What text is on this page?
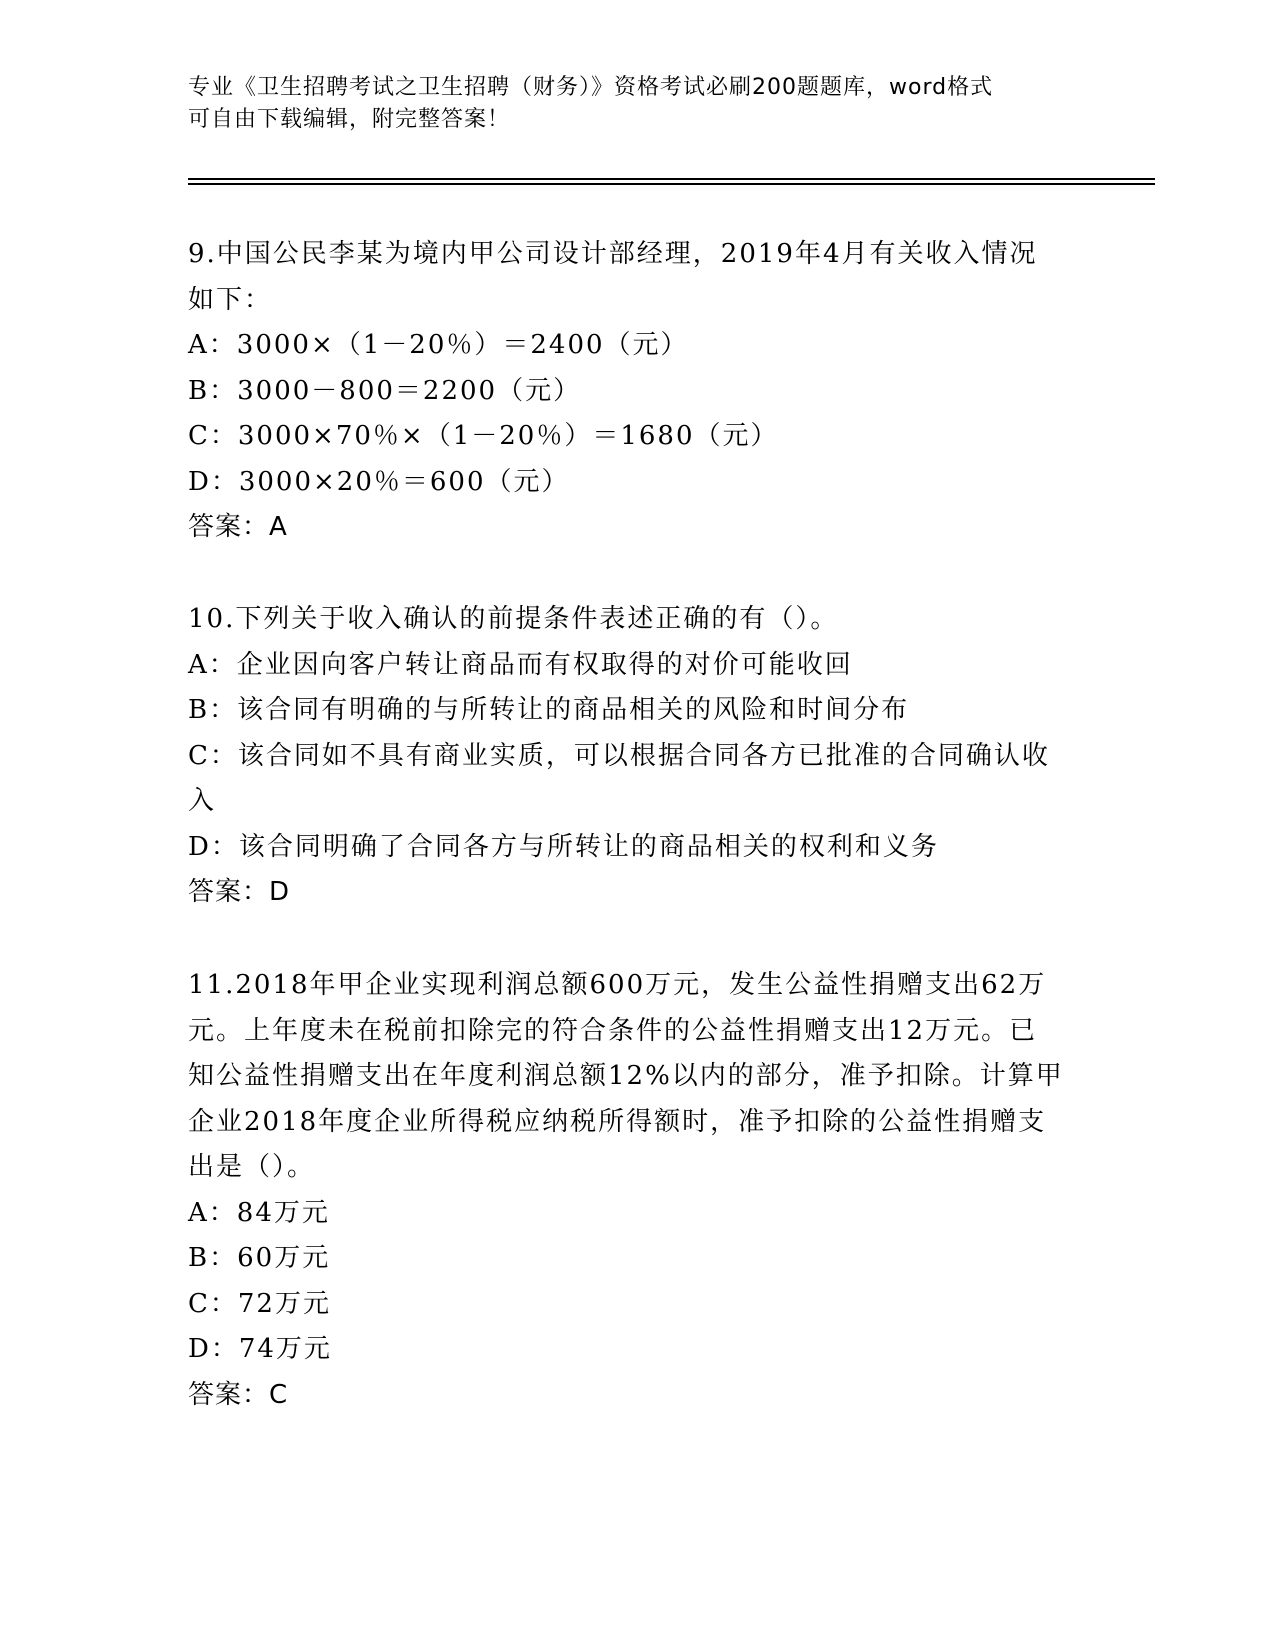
专业《卫生招聘考试之卫生招聘（财务）》资格考试必刷200题题库，word格式
可自由下载编辑，附完整答案！
9.中国公民李某为境内甲公司设计部经理，2019年4月有关收入情况
如下：
A：3000×（1－20％）＝2400（元）
B：3000－800＝2200（元）
C：3000×70％×（1－20％）＝1680（元）
D：3000×20％＝600（元）
答案：A
10.下列关于收入确认的前提条件表述正确的有（）。
A：企业因向客户转让商品而有权取得的对价可能收回
B：该合同有明确的与所转让的商品相关的风险和时间分布
C：该合同如不具有商业实质，可以根据合同各方已批准的合同确认收
入
D：该合同明确了合同各方与所转让的商品相关的权利和义务
答案：D
11.2018年甲企业实现利润总额600万元，发生公益性捐赠支出62万
元。上年度未在税前扣除完的符合条件的公益性捐赠支出12万元。已
知公益性捐赠支出在年度利润总额12%以内的部分，准予扣除。计算甲
企业2018年度企业所得税应纳税所得额时，准予扣除的公益性捐赠支
出是（）。
A：84万元
B：60万元
C：72万元
D：74万元
答案：C
